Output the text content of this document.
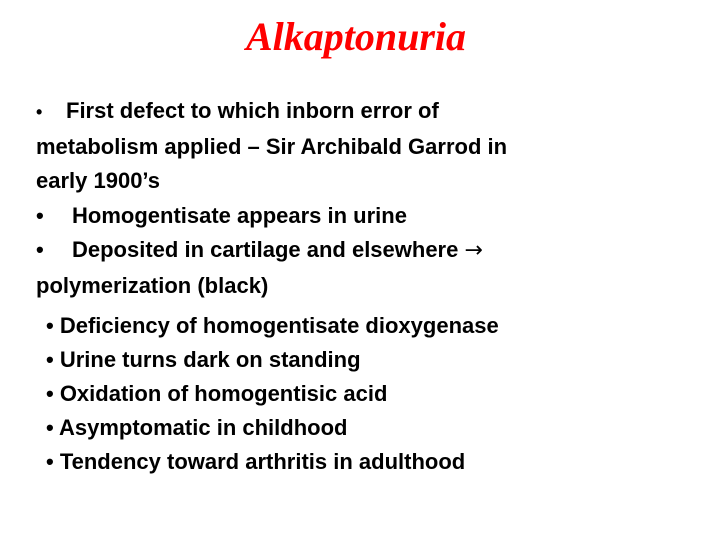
Alkaptonuria
• First defect to which inborn error of
metabolism applied – Sir Archibald Garrod in
early 1900’s
• Homogentisate appears in urine
• Deposited in cartilage and elsewhere →
polymerization (black)
• Deficiency of homogentisate dioxygenase
• Urine turns dark on standing
• Oxidation of homogentisic acid
• Asymptomatic in childhood
• Tendency toward arthritis in adulthood
